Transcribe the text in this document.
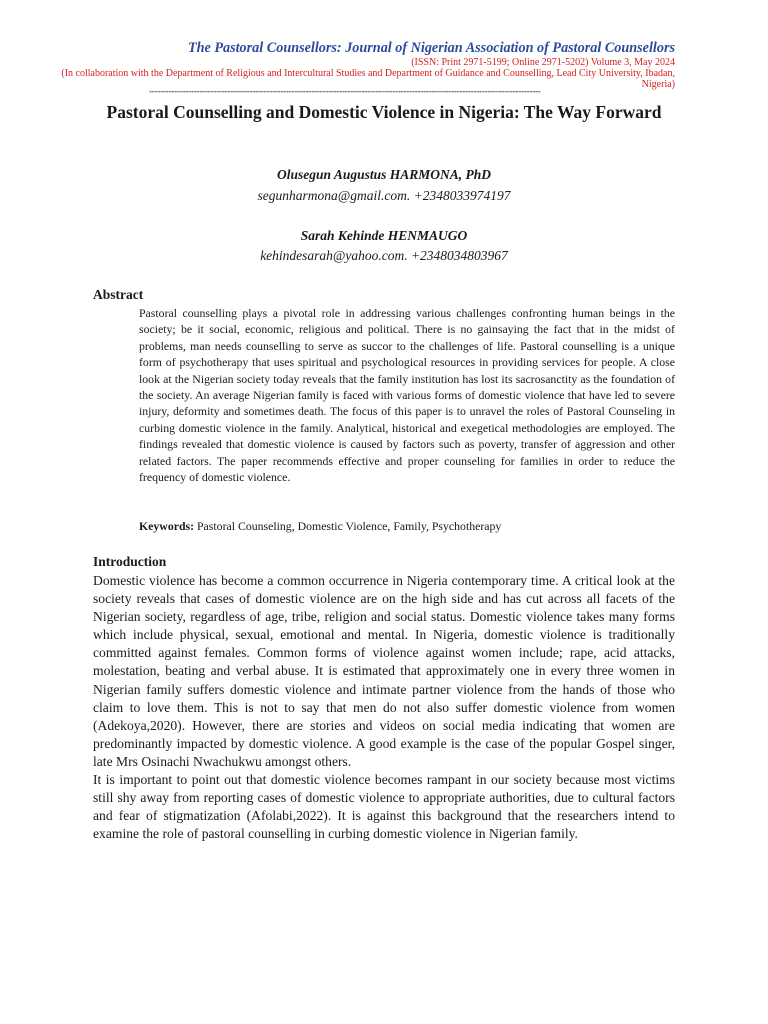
The Pastoral Counsellors: Journal of Nigerian Association of Pastoral Counsellors
(ISSN: Print 2971-5199; Online 2971-5202) Volume 3, May 2024
(In collaboration with the Department of Religious and Intercultural Studies and Department of Guidance and Counselling, Lead City University, Ibadan, Nigeria)
--------------------------------------------------------------------------------------------------------------------------------------------
Pastoral Counselling and Domestic Violence in Nigeria: The Way Forward
Olusegun Augustus HARMONA, PhD
segunharmona@gmail.com. +2348033974197
Sarah Kehinde HENMAUGO
kehindesarah@yahoo.com. +2348034803967
Abstract
Pastoral counselling plays a pivotal role in addressing various challenges confronting human beings in the society; be it social, economic, religious and political. There is no gainsaying the fact that in the midst of problems, man needs counselling to serve as succor to the challenges of life. Pastoral counselling is a unique form of psychotherapy that uses spiritual and psychological resources in providing services for people. A close look at the Nigerian society today reveals that the family institution has lost its sacrosanctity as the foundation of the society. An average Nigerian family is faced with various forms of domestic violence that have led to severe injury, deformity and sometimes death. The focus of this paper is to unravel the roles of Pastoral Counseling in curbing domestic violence in the family. Analytical, historical and exegetical methodologies are employed. The findings revealed that domestic violence is caused by factors such as poverty, transfer of aggression and other related factors. The paper recommends effective and proper counseling for families in order to reduce the frequency of domestic violence.
Keywords: Pastoral Counseling, Domestic Violence, Family, Psychotherapy
Introduction

Domestic violence has become a common occurrence in Nigeria contemporary time. A critical look at the society reveals that cases of domestic violence are on the high side and has cut across all facets of the Nigerian society, regardless of age, tribe, religion and social status. Domestic violence takes many forms which include physical, sexual, emotional and mental. In Nigeria, domestic violence is traditionally committed against females. Common forms of violence against women include; rape, acid attacks, molestation, beating and verbal abuse. It is estimated that approximately one in every three women in Nigerian family suffers domestic violence and intimate partner violence from the hands of those who claim to love them. This is not to say that men do not also suffer domestic violence from women (Adekoya,2020). However, there are stories and videos on social media indicating that women are predominantly impacted by domestic violence. A good example is the case of the popular Gospel singer, late Mrs Osinachi Nwachukwu amongst others.

It is important to point out that domestic violence becomes rampant in our society because most victims still shy away from reporting cases of domestic violence to appropriate authorities, due to cultural factors and fear of stigmatization (Afolabi,2022). It is against this background that the researchers intend to examine the role of pastoral counselling in curbing domestic violence in Nigerian family.
